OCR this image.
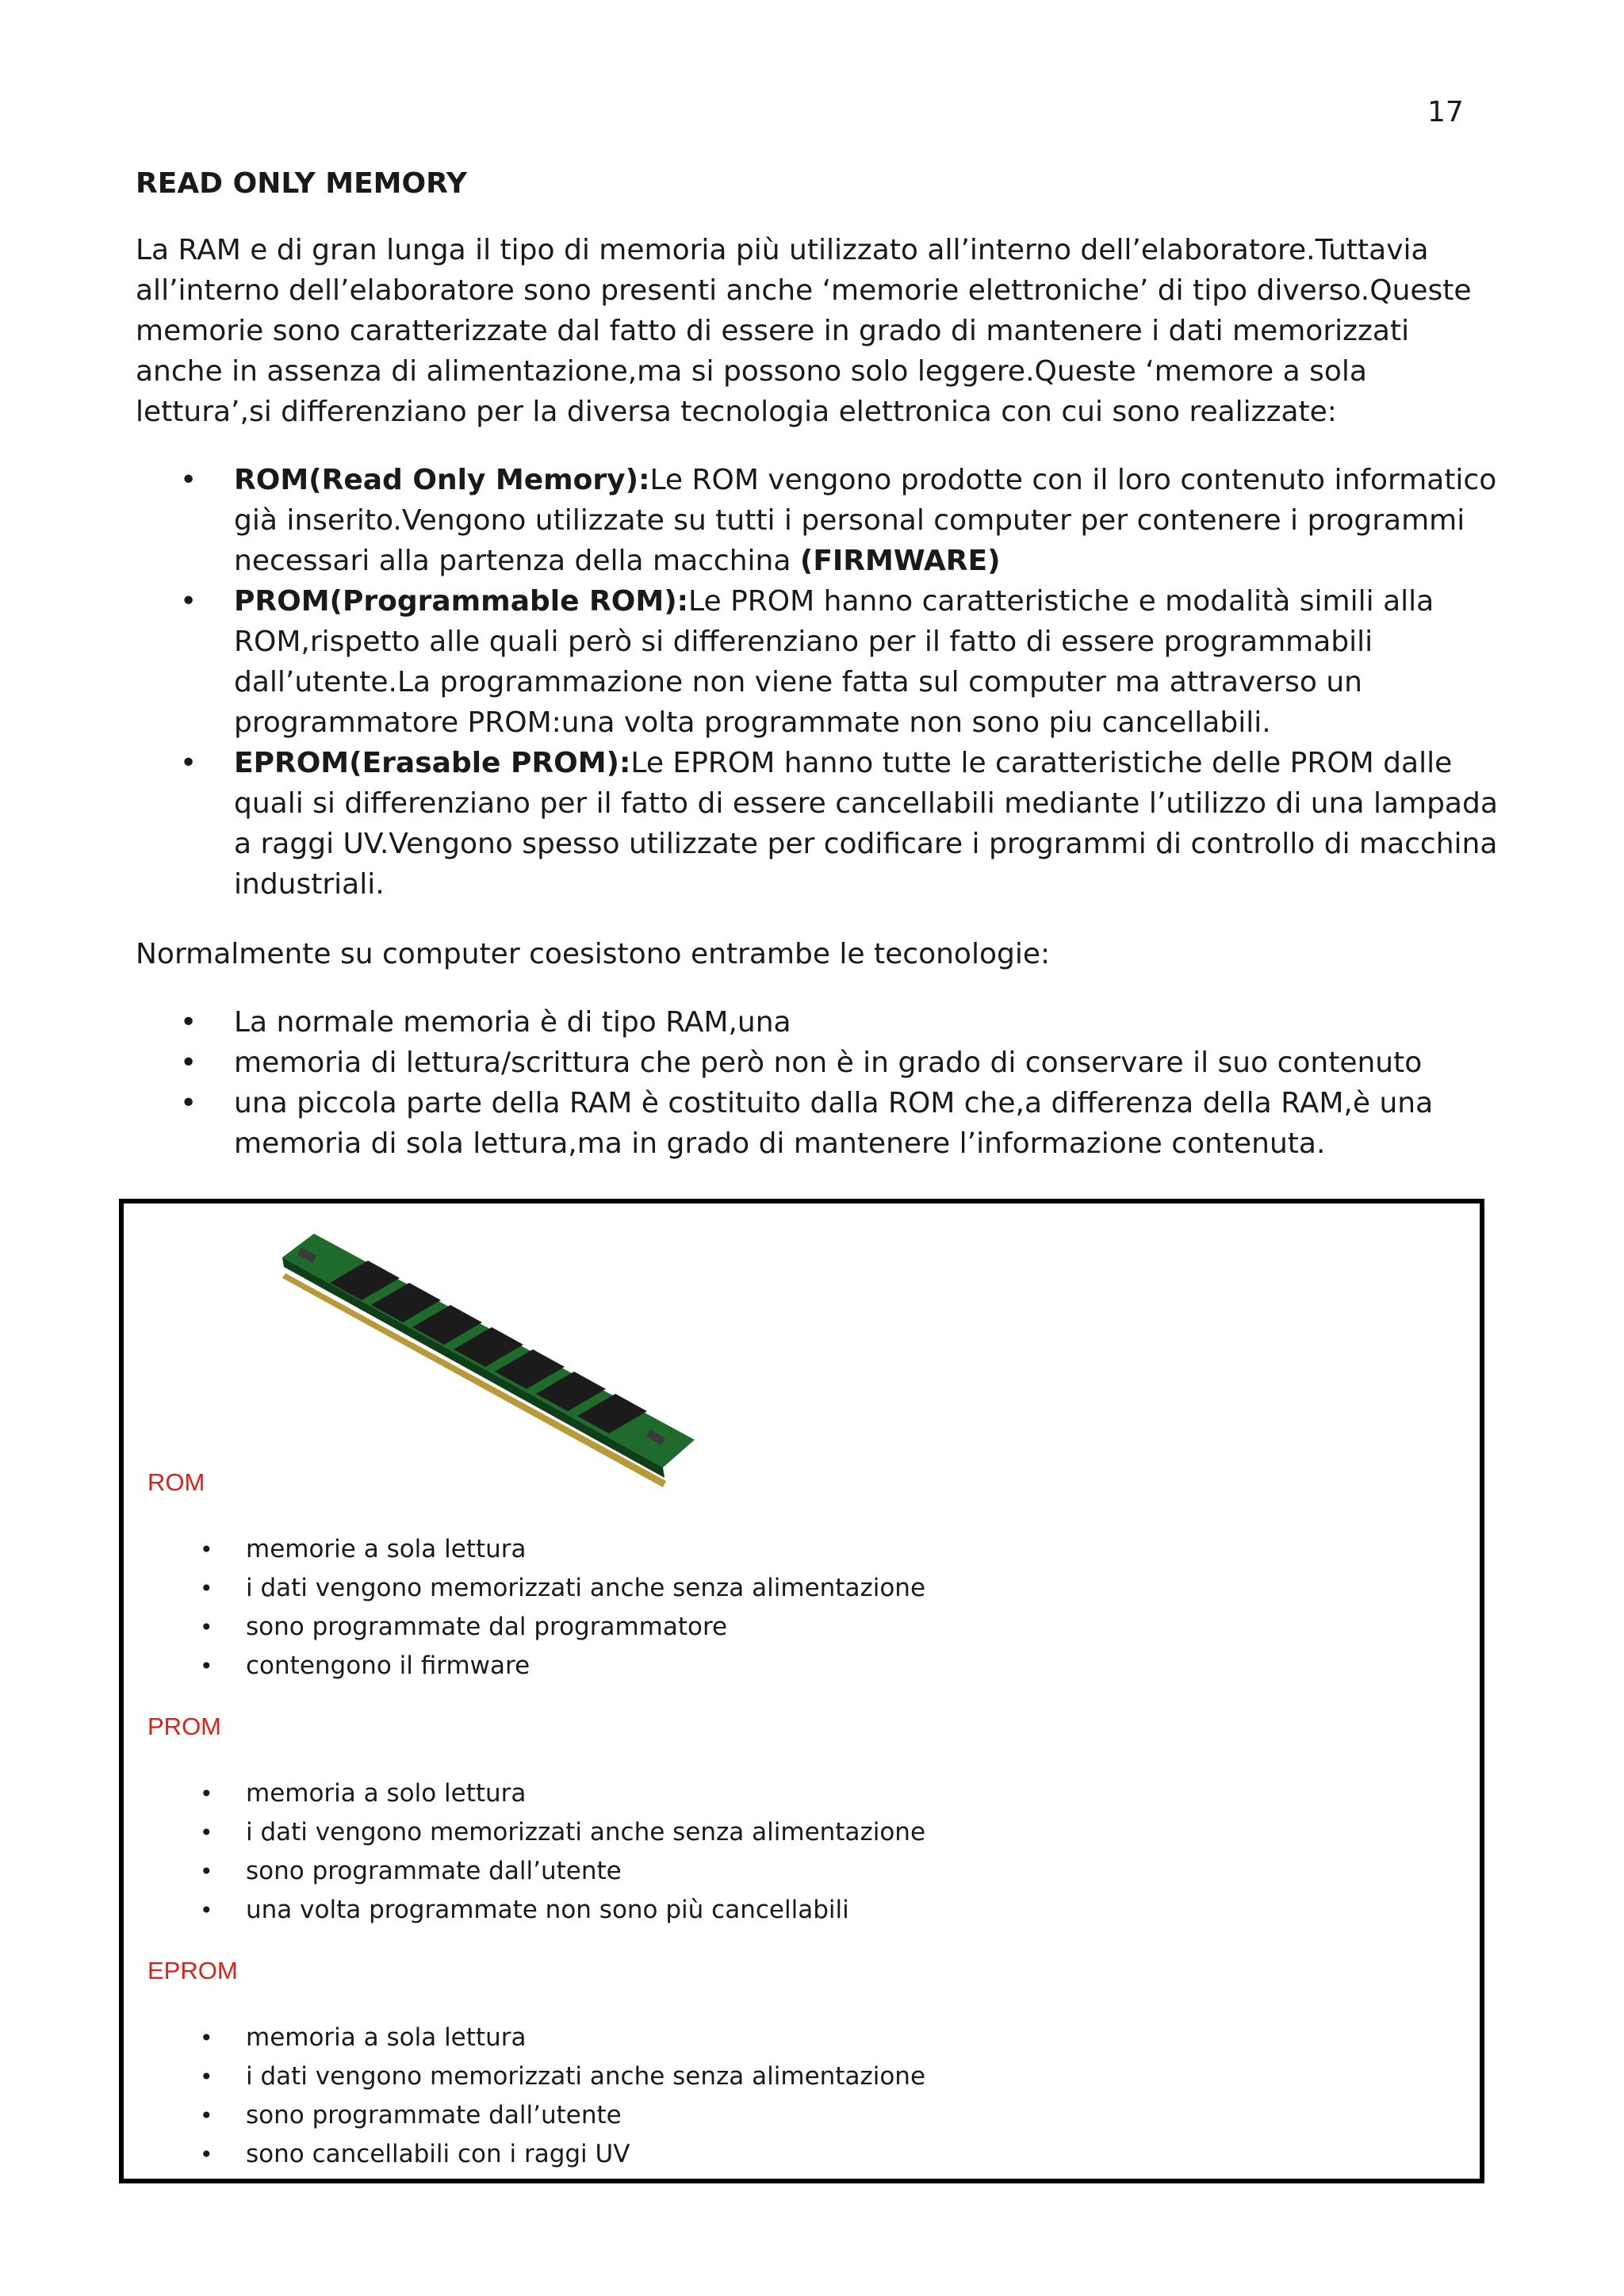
17
READ ONLY MEMORY

La RAM e di gran lunga il tipo di memoria più utilizzato all’interno dell’elaboratore.Tuttavia all’interno dell’elaboratore sono presenti anche ‘memorie elettroniche’ di tipo diverso.Queste memorie sono caratterizzate dal fatto di essere in grado di mantenere i dati memorizzati anche in assenza di alimentazione,ma si possono solo leggere.Queste ‘memore a sola lettura’,si differenziano per la diversa tecnologia elettronica con cui sono realizzate:

• ROM(Read Only Memory):Le ROM vengono prodotte con il loro contenuto informatico già inserito.Vengono utilizzate su tutti i personal computer per contenere i programmi necessari alla partenza della macchina (FIRMWARE)
• PROM(Programmable ROM):Le PROM hanno caratteristiche e modalità simili alla ROM,rispetto alle quali però si differenziano per il fatto di essere programmabili dall’utente.La programmazione non viene fatta sul computer ma attraverso un programmatore PROM:una volta programmate non sono piu cancellabili.
• EPROM(Erasable PROM):Le EPROM hanno tutte le caratteristiche delle PROM dalle quali si differenziano per il fatto di essere cancellabili mediante l’utilizzo di una lampada a raggi UV.Vengono spesso utilizzate per codificare i programmi di controllo di macchina industriali.

Normalmente su computer coesistono entrambe le teconologie:

• La normale memoria è di tipo RAM,una
• memoria di lettura/scrittura che però non è in grado di conservare il suo contenuto
• una piccola parte della RAM è costituito dalla ROM che,a differenza della RAM,è una memoria di sola lettura,ma in grado di mantenere l’informazione contenuta.
ROM
• memorie a sola lettura
• i dati vengono memorizzati anche senza alimentazione
• sono programmate dal programmatore
• contengono il firmware
PROM
• memoria a solo lettura
• i dati vengono memorizzati anche senza alimentazione
• sono programmate dall’utente
• una volta programmate non sono più cancellabili
EPROM
• memoria a sola lettura
• i dati vengono memorizzati anche senza alimentazione
• sono programmate dall’utente
• sono cancellabili con i raggi UV
